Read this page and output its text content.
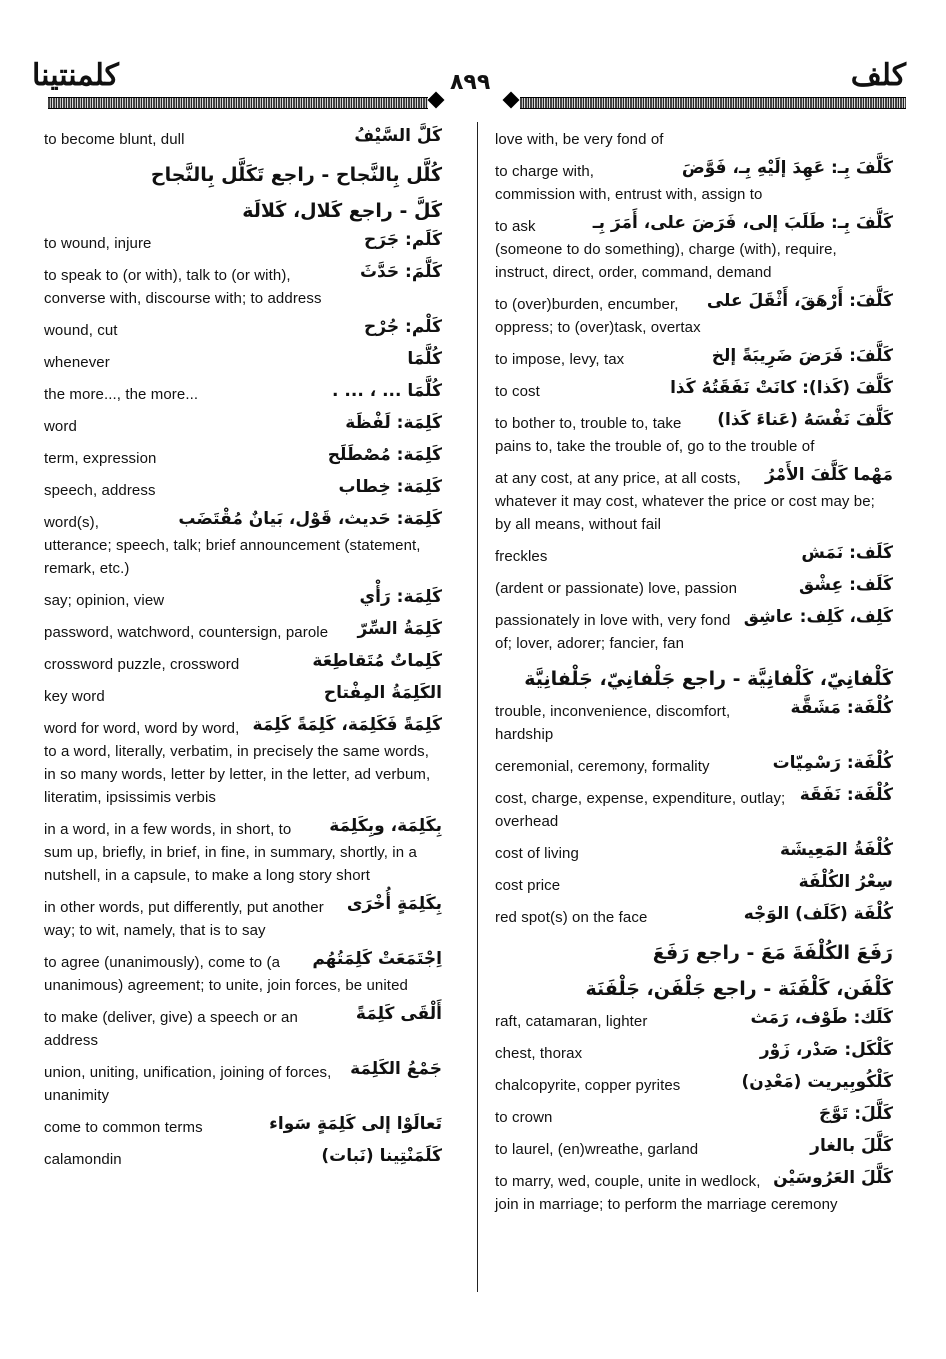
كلمنتينا	٨٩٩	كلف
كَلَّ السَّيْفُ
to become blunt, dull
كُلَّل بِالنَّجاح - راجع تَكَلَّل بِالنَّجاح
كَلَّ - راجع كَلال، كَلالَة
كَلَم: جَرَح
to wound, injure
كَلَّمَ: حَدَّثَ
to speak to (or with), talk to (or with), converse with, discourse with; to address
كَلْم: جُرْح
wound, cut
كُلَّمَا
whenever
كُلَّمَا ... ، ... .
the more..., the more...
كَلِمَة: لَفْظَة
word
كَلِمَة: مُصْطَلَح
term, expression
كَلِمَة: خِطاب
speech, address
كَلِمَة: حَديث، قَوْل، بَيانٌ مُقْتَضَب
word(s), utterance; speech, talk; brief announcement (statement, remark, etc.)
كَلِمَة: رَأْي
say; opinion, view
كَلِمَةُ السِّرّ
password, watchword, countersign, parole
كَلِماتٌ مُتَقاطِعَة
crossword puzzle, crossword
الكَلِمَةُ المِفْتاح
key word
كَلِمَةً فَكَلِمَة، كَلِمَةً كَلِمَة
word for word, word by word, to a word, literally, verbatim, in precisely the same words, in so many words, letter by letter, in the letter, ad verbum, literatim, ipsissimis verbis
بِكَلِمَة، وبِكَلِمَة
in a word, in a few words, in short, to sum up, briefly, in brief, in fine, in summary, shortly, in a nutshell, in a capsule, to make a long story short
بِكَلِمَةٍ أُخْرَى
in other words, put differently, put another way; to wit, namely, that is to say
اِجْتَمَعَتْ كَلِمَتُهُم
to agree (unanimously), come to (a unanimous) agreement; to unite, join forces, be united
أَلْقَى كَلِمَةً
to make (deliver, give) a speech or an address
جَمْعُ الكَلِمَة
union, uniting, unification, joining of forces, unanimity
تَعالَوْا إلى كَلِمَةٍ سَواء
come to common terms
كَلَمَنْتِينا (نَبات)
calamondin
love with, be very fond of
كَلَّفَ بِـ: عَهِدَ إلَيْهِ بِـ، فَوَّضَ
to charge with, commission with, entrust with, assign to
كَلَّفَ بِـ: طَلَبَ إلى، فَرَضَ على، أَمَرَ بِـ
to ask (someone to do something), charge (with), require, instruct, direct, order, command, demand
كَلَّفَ: أَرْهَقَ، أَثْقَلَ على
to (over)burden, encumber, oppress; to (over)task, overtax
كَلَّفَ: فَرَضَ ضَرِيبَةً إلخ
to impose, levy, tax
كَلَّفَ (كَذا): كانَتْ نَفَقَتُهُ كَذا
to cost
كَلَّفَ نَفْسَهُ (عَناءَ كَذا)
to bother to, trouble to, take pains to, take the trouble of, go to the trouble of
مَهْما كَلَّفَ الأَمْرُ
at any cost, at any price, at all costs, whatever it may cost, whatever the price or cost may be; by all means, without fail
كَلَف: نَمَش
freckles
كَلَف: عِشْق
(ardent or passionate) love, passion
كَلِف، كَلِف: عاشِق
passionately in love with, very fond of; lover, adorer; fancier, fan
كَلْفانِيّ، كَلْفانِيَّة - راجع جَلْفانِيّ، جَلْفانِيَّة
كُلْفَة: مَشَقَّة
trouble, inconvenience, discomfort, hardship
كُلْفَة: رَسْمِيّات
ceremonial, ceremony, formality
كُلْفَة: نَفَقَة
cost, charge, expense, expenditure, outlay; overhead
كُلْفَةُ المَعِيشَة
cost of living
سِعْرُ الكُلْفَة
cost price
كُلْفَة (كَلَف) الوَجْه
red spot(s) on the face
رَفَعَ الكُلْفَةَ مَعَ - راجع رَفَعَ
كَلْفَن، كَلْفَنَة - راجع جَلْفَن، جَلْفَنَة
كَلَك: طَوْف، رَمَث
raft, catamaran, lighter
كَلْكَل: صَدْر، زَوْر
chest, thorax
كَلْكُوبِيريت (مَعْدِن)
chalcopyrite, copper pyrites
كَلَّلَ: تَوَّجَ
to crown
كَلَّلَ بالغار
to laurel, (en)wreathe, garland
كَلَّلَ العَرُوسَيْن
to marry, wed, couple, unite in wedlock, join in marriage; to perform the marriage ceremony
